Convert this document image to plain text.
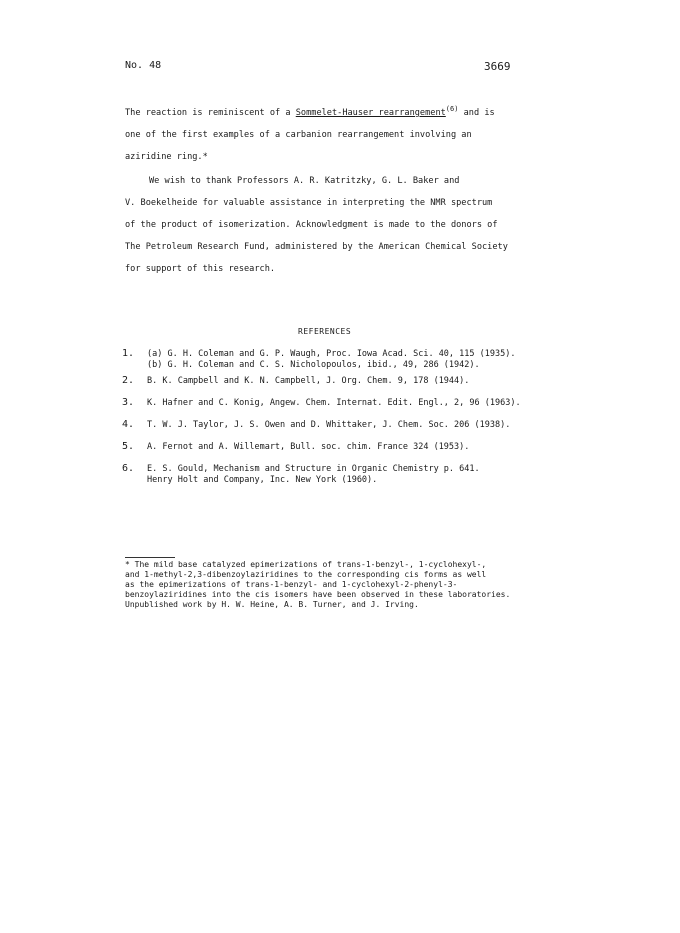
No. 48	3669
The reaction is reminiscent of a Sommelet-Hauser rearrangement$^{(6)}$ and is
one of the first examples of a carbanion rearrangement involving an
aziridine ring.*
We wish to thank Professors A. R. Katritzky, G. L. Baker and
V. Boekelheide for valuable assistance in interpreting the NMR spectrum
of the product of isomerization. Acknowledgment is made to the donors of
The Petroleum Research Fund, administered by the American Chemical Society
for support of this research.
REFERENCES
1. (a) G. H. Coleman and G. P. Waugh, Proc. Iowa Acad. Sci. 40, 115 (1935).
(b) G. H. Coleman and C. S. Nicholopoulos, ibid., 49, 286 (1942).
2. B. K. Campbell and K. N. Campbell, J. Org. Chem. 9, 178 (1944).
3. K. Hafner and C. Konig, Angew. Chem. Internat. Edit. Engl., 2, 96 (1963).
4. T. W. J. Taylor, J. S. Owen and D. Whittaker, J. Chem. Soc. 206 (1938).
5. A. Fernot and A. Willemart, Bull. soc. chim. France 324 (1953).
6. E. S. Gould, Mechanism and Structure in Organic Chemistry p. 641.
Henry Holt and Company, Inc. New York (1960).
* The mild base catalyzed epimerizations of trans-1-benzyl-, 1-cyclohexyl-,
and 1-methyl-2,3-dibenzoylaziridines to the corresponding cis forms as well
as the epimerizations of trans-1-benzyl- and 1-cyclohexyl-2-phenyl-3-
benzoylaziridines into the cis isomers have been observed in these laboratories.
Unpublished work by H. W. Heine, A. B. Turner, and J. Irving.
